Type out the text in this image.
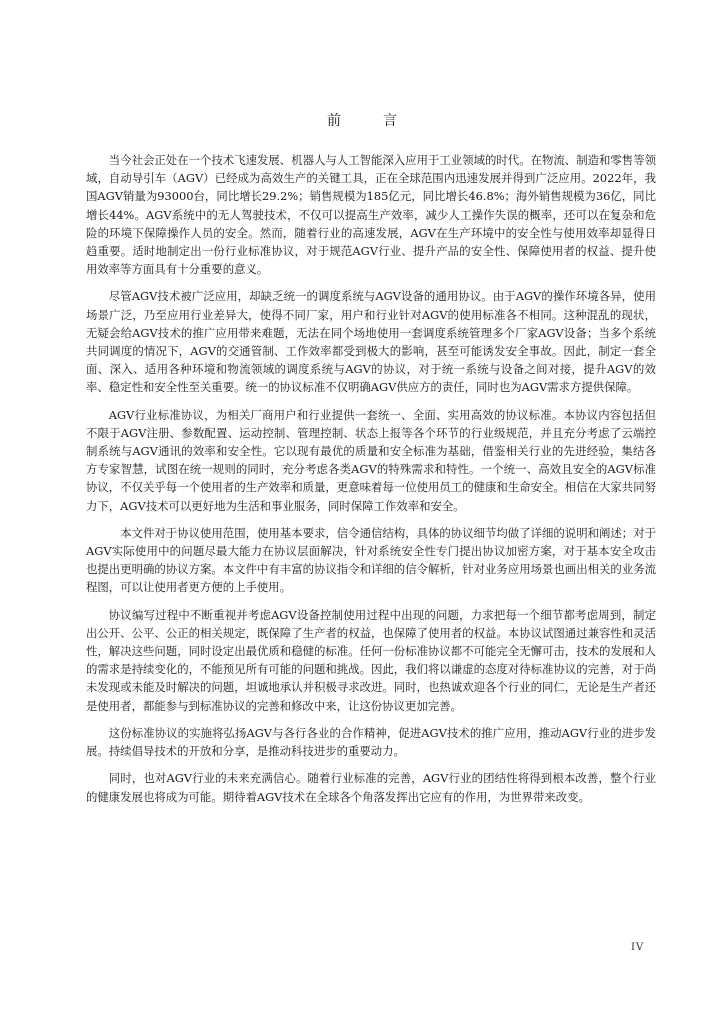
前　言

当今社会正处在一个技术飞速发展、机器人与人工智能深入应用于工业领域的时代。在物流、制造和零售等领域，自动导引车（AGV）已经成为高效生产的关键工具，正在全球范围内迅速发展并得到广泛应用。2022年，我国AGV销量为93000台，同比增长29.2%；销售规模为185亿元，同比增长46.8%；海外销售规模为36亿，同比增长44%。AGV系统中的无人驾驶技术，不仅可以提高生产效率，减少人工操作失误的概率，还可以在复杂和危险的环境下保障操作人员的安全。然而，随着行业的高速发展，AGV在生产环境中的安全性与使用效率却显得日趋重要。适时地制定出一份行业标准协议，对于规范AGV行业、提升产品的安全性、保障使用者的权益、提升使用效率等方面具有十分重要的意义。

尽管AGV技术被广泛应用，却缺乏统一的调度系统与AGV设备的通用协议。由于AGV的操作环境各异，使用场景广泛，乃至应用行业差异大，使得不同厂家，用户和行业针对AGV的使用标准各不相同。这种混乱的现状，无疑会给AGV技术的推广应用带来难题，无法在同个场地使用一套调度系统管理多个厂家AGV设备；当多个系统共同调度的情况下，AGV的交通管制、工作效率都受到极大的影响，甚至可能诱发安全事故。因此，制定一套全面、深入、适用各种环境和物流领域的调度系统与AGV的协议，对于统一系统与设备之间对接，提升AGV的效率、稳定性和安全性至关重要。统一的协议标准不仅明确AGV供应方的责任，同时也为AGV需求方提供保障。

AGV行业标准协议，为相关厂商用户和行业提供一套统一、全面、实用高效的协议标准。本协议内容包括但不限于AGV注册、参数配置、运动控制、管理控制、状态上报等各个环节的行业级规范，并且充分考虑了云端控制系统与AGV通讯的效率和安全性。它以现有最优的质量和安全标准为基础，借鉴相关行业的先进经验，集结各方专家智慧，试图在统一规则的同时，充分考虑各类AGV的特殊需求和特性。一个统一、高效且安全的AGV标准协议，不仅关乎每一个使用者的生产效率和质量，更意味着每一位使用员工的健康和生命安全。相信在大家共同努力下，AGV技术可以更好地为生活和事业服务，同时保障工作效率和安全。

本文件对于协议使用范围，使用基本要求，信令通信结构，具体的协议细节均做了详细的说明和阐述；对于AGV实际使用中的问题尽最大能力在协议层面解决，针对系统安全性专门提出协议加密方案，对于基本安全攻击也提出更明确的协议方案。本文件中有丰富的协议指令和详细的信令解析，针对业务应用场景也画出相关的业务流程图，可以让使用者更方便的上手使用。

协议编写过程中不断重视并考虑AGV设备控制使用过程中出现的问题，力求把每一个细节都考虑周到，制定出公开、公平、公正的相关规定，既保障了生产者的权益，也保障了使用者的权益。本协议试图通过兼容性和灵活性，解决这些问题，同时设定出最优质和稳健的标准。任何一份标准协议都不可能完全无懈可击，技术的发展和人的需求是持续变化的，不能预见所有可能的问题和挑战。因此，我们将以谦虚的态度对待标准协议的完善，对于尚未发现或未能及时解决的问题，坦诚地承认并积极寻求改进。同时，也热诚欢迎各个行业的同仁，无论是生产者还是使用者，都能参与到标准协议的完善和修改中来，让这份协议更加完善。

这份标准协议的实施将弘扬AGV与各行各业的合作精神，促进AGV技术的推广应用，推动AGV行业的进步发展。持续倡导技术的开放和分享，是推动科技进步的重要动力。

同时，也对AGV行业的未来充满信心。随着行业标准的完善，AGV行业的团结性将得到根本改善，整个行业的健康发展也将成为可能。期待着AGV技术在全球各个角落发挥出它应有的作用，为世界带来改变。

IV
